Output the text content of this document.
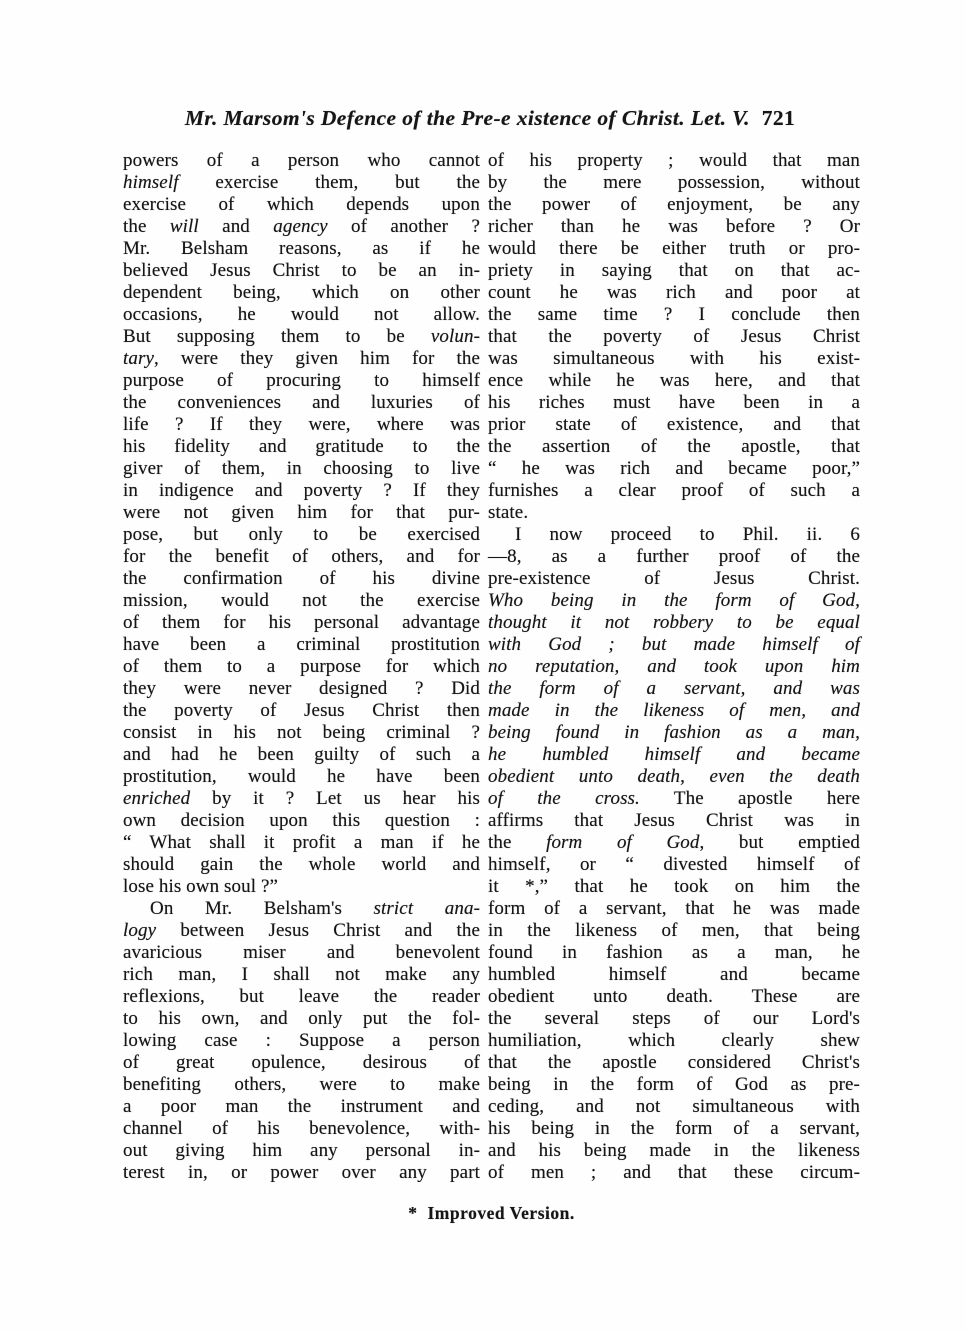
Mr. Marsom's Defence of the Pre-e xistence of Christ. Let. V. 721
powers of a person who cannot
himself exercise them, but the
exercise of which depends upon
the will and agency of another ?
Mr. Belsham reasons, as if he
believed Jesus Christ to be an in-
dependent being, which on other
occasions, he would not allow.
But supposing them to be volun-
tary, were they given him for the
purpose of procuring to himself
the conveniences and luxuries of
life ? If they were, where was
his fidelity and gratitude to the
giver of them, in choosing to live
in indigence and poverty ? If they
were not given him for that pur-
pose, but only to be exercised
for the benefit of others, and for
the confirmation of his divine
mission, would not the exercise
of them for his personal advantage
have been a criminal prostitution
of them to a purpose for which
they were never designed ? Did
the poverty of Jesus Christ then
consist in his not being criminal ?
and had he been guilty of such a
prostitution, would he have been
enriched by it ? Let us hear his
own decision upon this question :
“ What shall it profit a man if he
should gain the whole world and
lose his own soul ?”
On Mr. Belsham's strict ana-
logy between Jesus Christ and the
avaricious miser and benevolent
rich man, I shall not make any
reflexions, but leave the reader
to his own, and only put the fol-
lowing case : Suppose a person
of great opulence, desirous of
benefiting others, were to make
a poor man the instrument and
channel of his benevolence, with-
out giving him any personal in-
terest in, or power over any part
of his property ; would that man
by the mere possession, without
the power of enjoyment, be any
richer than he was before ? Or
would there be either truth or pro-
priety in saying that on that ac-
count he was rich and poor at
the same time ? I conclude then
that the poverty of Jesus Christ
was simultaneous with his exist-
ence while he was here, and that
his riches must have been in a
prior state of existence, and that
the assertion of the apostle, that
“ he was rich and became poor,”
furnishes a clear proof of such a
state.
I now proceed to Phil. ii. 6
—8, as a further proof of the
pre-existence of Jesus Christ.
Who being in the form of God,
thought it not robbery to be equal
with God ; but made himself of
no reputation, and took upon him
the form of a servant, and was
made in the likeness of men, and
being found in fashion as a man,
he humbled himself and became
obedient unto death, even the death
of the cross. The apostle here
affirms that Jesus Christ was in
the form of God, but emptied
himself, or “ divested himself of
it *,” that he took on him the
form of a servant, that he was made
in the likeness of men, that being
found in fashion as a man, he
humbled himself and became
obedient unto death. These are
the several steps of our Lord's
humiliation, which clearly shew
that the apostle considered Christ's
being in the form of God as pre-
ceding, and not simultaneous with
his being in the form of a servant,
and his being made in the likeness
of men ; and that these circum-
* Improved Version.
